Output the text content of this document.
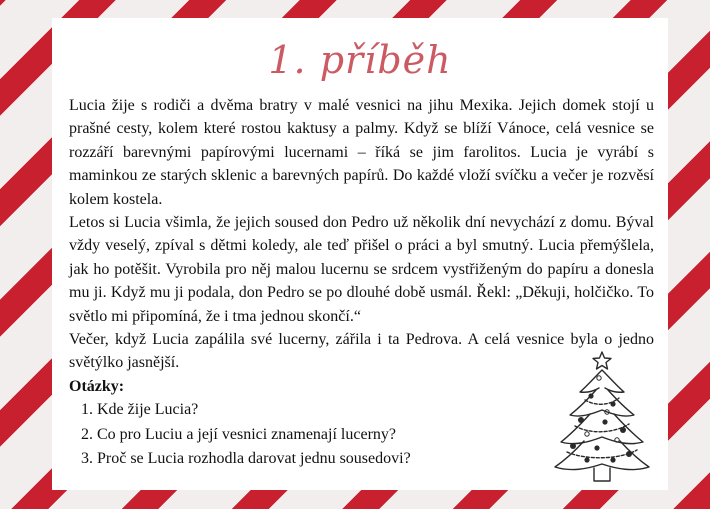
1. příběh

Lucia žije s rodiči a dvěma bratry v malé vesnici na jihu Mexika. Jejich domek stojí u prašné cesty, kolem které rostou kaktusy a palmy. Když se blíží Vánoce, celá vesnice se rozzáří barevnými papírovými lucernami – říká se jim farolitos. Lucia je vyrábí s maminkou ze starých sklenic a barevných papírů. Do každé vloží svíčku a večer je rozvěsí kolem kostela.

Letos si Lucia všimla, že jejich soused don Pedro už několik dní nevychází z domu. Býval vždy veselý, zpíval s dětmi koledy, ale teď přišel o práci a byl smutný. Lucia přemýšlela, jak ho potěšit. Vyrobila pro něj malou lucernu se srdcem vystřiženým do papíru a donesla mu ji. Když mu ji podala, don Pedro se po dlouhé době usmál. Řekl: „Děkuji, holčičko. To světlo mi připomíná, že i tma jednou skončí.“

Večer, když Lucia zapálila své lucerny, zářila i ta Pedrova. A celá vesnice byla o jedno světýlko jasnější.

Otázky:

1. Kde žije Lucia?
2. Co pro Luciu a její vesnici znamenají lucerny?
3. Proč se Lucia rozhodla darovat jednu sousedovi?
